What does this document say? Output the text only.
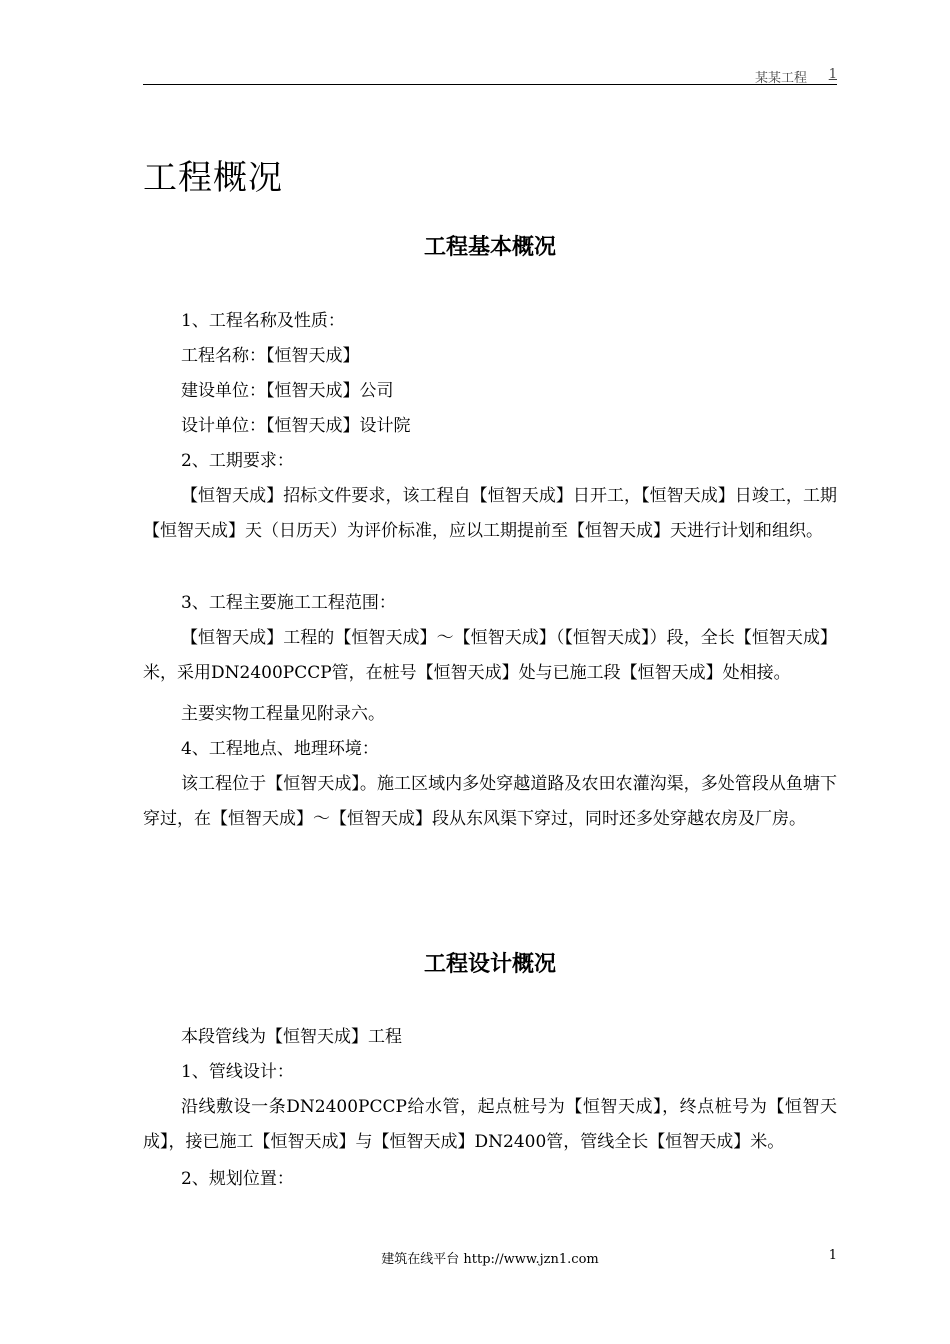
某某工程 1
工程概况
工程基本概况
1、工程名称及性质：
工程名称：【恒智天成】
建设单位：【恒智天成】公司
设计单位：【恒智天成】设计院
2、工期要求：
【恒智天成】招标文件要求，该工程自【恒智天成】日开工，【恒智天成】日竣工，工期【恒智天成】天（日历天）为评价标准，应以工期提前至【恒智天成】天进行计划和组织。
3、工程主要施工工程范围：
【恒智天成】工程的【恒智天成】～【恒智天成】（【恒智天成】）段，全长【恒智天成】米，采用DN2400PCCP管，在桩号【恒智天成】处与已施工段【恒智天成】处相接。
主要实物工程量见附录六。
4、工程地点、地理环境：
该工程位于【恒智天成】。施工区域内多处穿越道路及农田农灌沟渠，多处管段从鱼塘下穿过，在【恒智天成】～【恒智天成】段从东风渠下穿过，同时还多处穿越农房及厂房。
工程设计概况
本段管线为【恒智天成】工程
1、管线设计：
沿线敷设一条DN2400PCCP给水管，起点桩号为【恒智天成】，终点桩号为【恒智天成】，接已施工【恒智天成】与【恒智天成】DN2400管，管线全长【恒智天成】米。
2、规划位置：
建筑在线平台 http://www.jzn1.com	1
